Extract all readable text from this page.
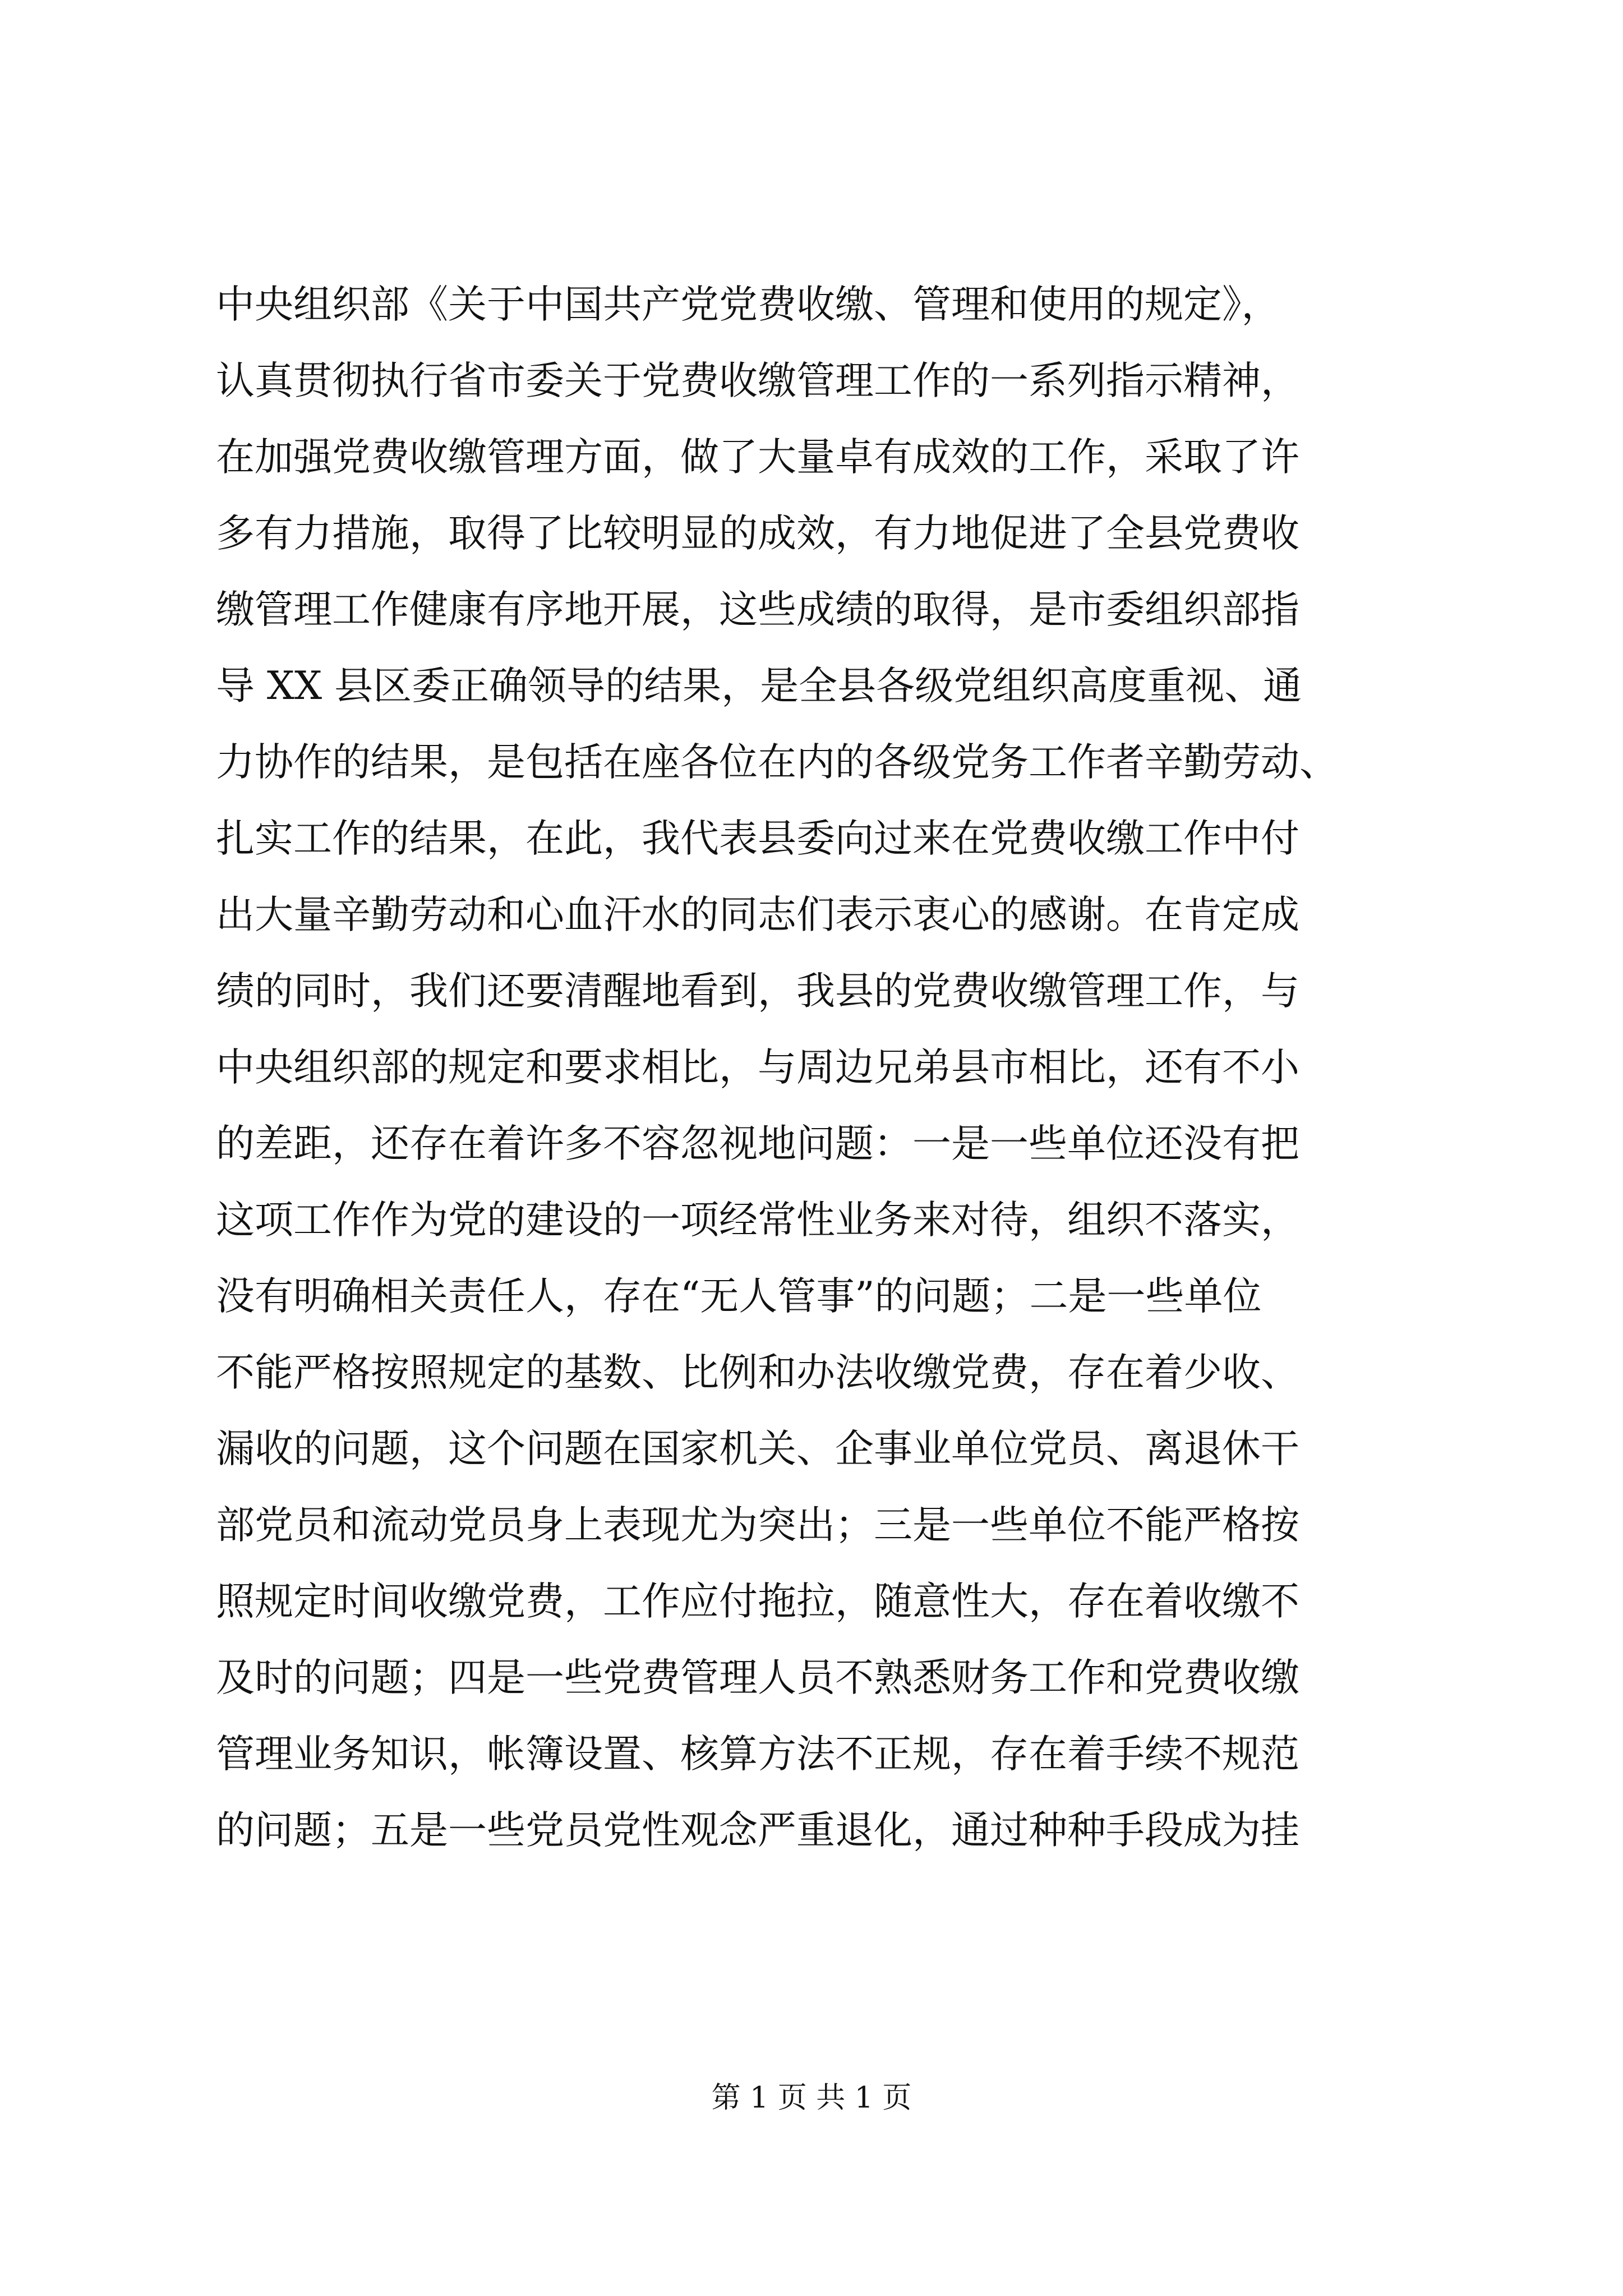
中央组织部《关于中国共产党党费收缴、管理和使用的规定》，
认真贯彻执行省市委关于党费收缴管理工作的一系列指示精神，
在加强党费收缴管理方面，做了大量卓有成效的工作，采取了许
多有力措施，取得了比较明显的成效，有力地促进了全县党费收
缴管理工作健康有序地开展，这些成绩的取得，是市委组织部指
导 XX 县区委正确领导的结果，是全县各级党组织高度重视、通
力协作的结果，是包括在座各位在内的各级党务工作者辛勤劳动、
扎实工作的结果，在此，我代表县委向过来在党费收缴工作中付
出大量辛勤劳动和心血汗水的同志们表示衷心的感谢。在肯定成
绩的同时，我们还要清醒地看到，我县的党费收缴管理工作，与
中央组织部的规定和要求相比，与周边兄弟县市相比，还有不小
的差距，还存在着许多不容忽视地问题：一是一些单位还没有把
这项工作作为党的建设的一项经常性业务来对待，组织不落实，
没有明确相关责任人，存在“无人管事”的问题；二是一些单位
不能严格按照规定的基数、比例和办法收缴党费，存在着少收、
漏收的问题，这个问题在国家机关、企事业单位党员、离退休干
部党员和流动党员身上表现尤为突出；三是一些单位不能严格按
照规定时间收缴党费，工作应付拖拉，随意性大，存在着收缴不
及时的问题；四是一些党费管理人员不熟悉财务工作和党费收缴
管理业务知识，帐簿设置、核算方法不正规，存在着手续不规范
的问题；五是一些党员党性观念严重退化，通过种种手段成为挂
第 1 页 共 1 页
